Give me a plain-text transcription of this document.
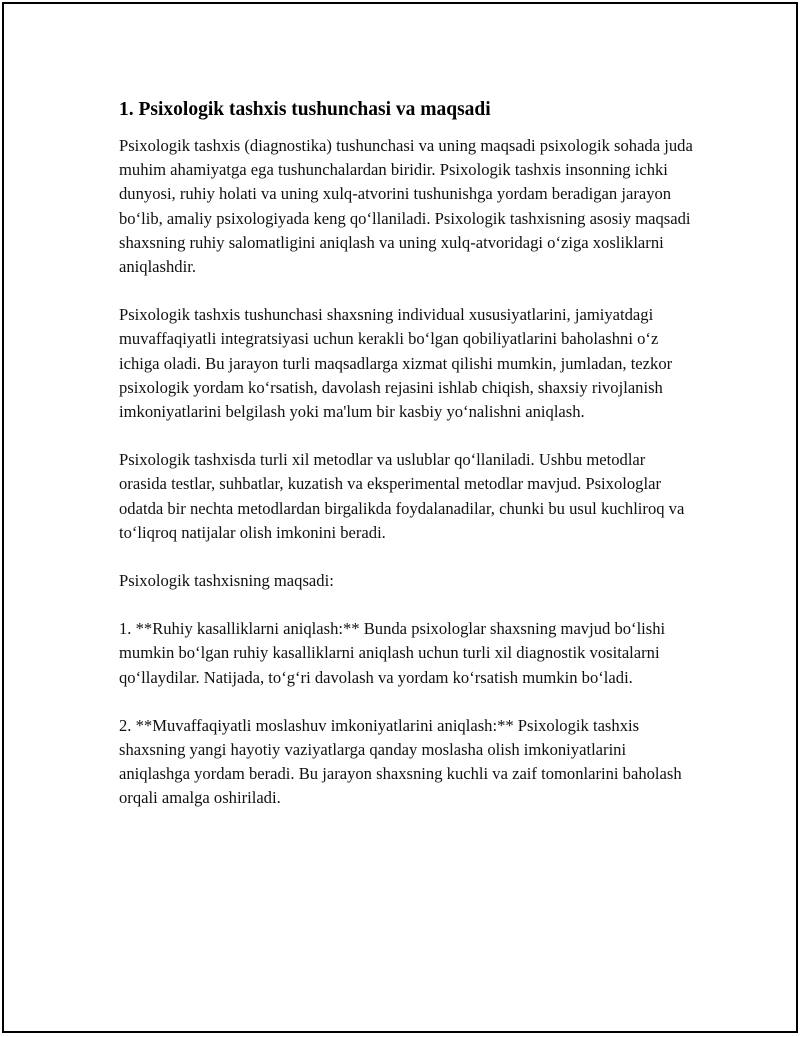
1. Psixologik tashxis tushunchasi va maqsadi

Psixologik tashxis (diagnostika) tushunchasi va uning maqsadi psixologik sohada juda muhim ahamiyatga ega tushunchalardan biridir. Psixologik tashxis insonning ichki dunyosi, ruhiy holati va uning xulq-atvorini tushunishga yordam beradigan jarayon bo‘lib, amaliy psixologiyada keng qo‘llaniladi. Psixologik tashxisning asosiy maqsadi shaxsning ruhiy salomatligini aniqlash va uning xulq-atvoridagi o‘ziga xosliklarni aniqlashdir.

Psixologik tashxis tushunchasi shaxsning individual xususiyatlarini, jamiyatdagi muvaffaqiyatli integratsiyasi uchun kerakli bo‘lgan qobiliyatlarini baholashni o‘z ichiga oladi. Bu jarayon turli maqsadlarga xizmat qilishi mumkin, jumladan, tezkor psixologik yordam ko‘rsatish, davolash rejasini ishlab chiqish, shaxsiy rivojlanish imkoniyatlarini belgilash yoki ma'lum bir kasbiy yo‘nalishni aniqlash.

Psixologik tashxisda turli xil metodlar va uslublar qo‘llaniladi. Ushbu metodlar orasida testlar, suhbatlar, kuzatish va eksperimental metodlar mavjud. Psixologlar odatda bir nechta metodlardan birgalikda foydalanadilar, chunki bu usul kuchliroq va to‘liqroq natijalar olish imkonini beradi.

Psixologik tashxisning maqsadi:

1. **Ruhiy kasalliklarni aniqlash:** Bunda psixologlar shaxsning mavjud bo‘lishi mumkin bo‘lgan ruhiy kasalliklarni aniqlash uchun turli xil diagnostik vositalarni qo‘llaydilar. Natijada, to‘g‘ri davolash va yordam ko‘rsatish mumkin bo‘ladi.

2. **Muvaffaqiyatli moslashuv imkoniyatlarini aniqlash:** Psixologik tashxis shaxsning yangi hayotiy vaziyatlarga qanday moslasha olish imkoniyatlarini aniqlashga yordam beradi. Bu jarayon shaxsning kuchli va zaif tomonlarini baholash orqali amalga oshiriladi.
